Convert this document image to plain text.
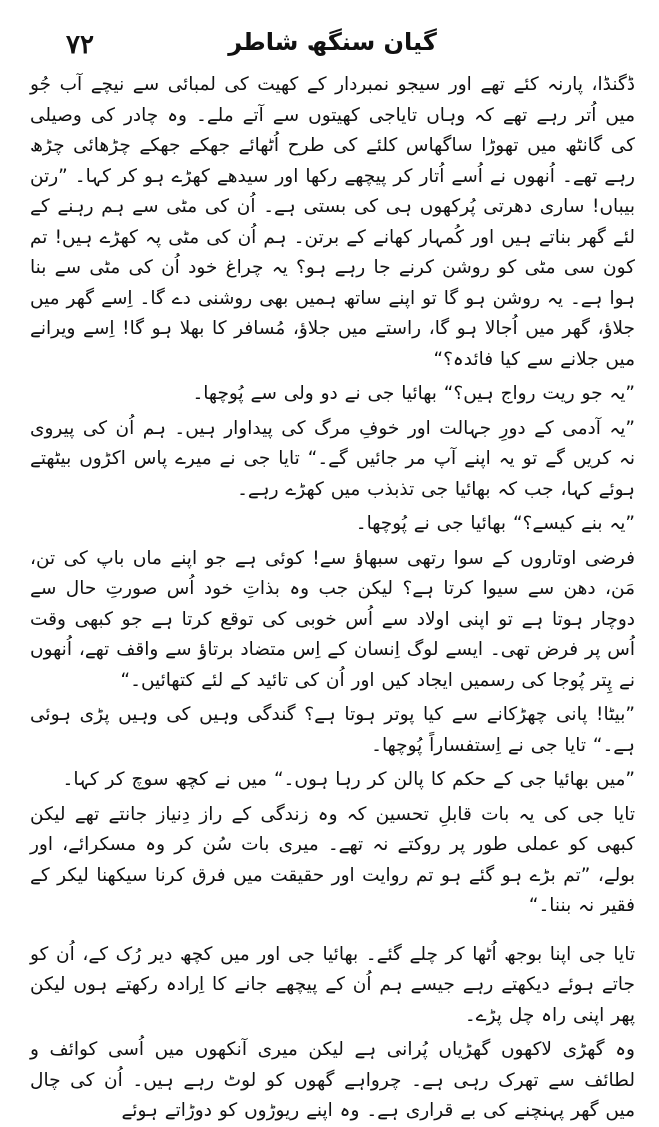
۷۲	گیان سنگھ شاطر

ڈگنڈا، پارنہ کئے تھے اور سیجو نمبردار کے کھیت کی لمبائی سے نیچے آب جُو میں اُتر رہے تھے کہ وہاں تایاجی کھیتوں سے آتے ملے۔ وہ چادر کی وصیلی کی گانٹھ میں تھوڑا ساگھاس کلئے کی طرح اُٹھائے جھکے جھکے چڑھائی چڑھ رہے تھے۔ اُنھوں نے اُسے اُتار کر پیچھے رکھا اور سیدھے کھڑے ہو کر کہا۔ ”رتن بیباں! ساری دھرتی پُرکھوں ہی کی بستی ہے۔ اُن کی مٹی سے ہم رہنے کے لئے گھر بناتے ہیں اور کُمہار کھانے کے برتن۔ ہم اُن کی مٹی پہ کھڑے ہیں! تم کون سی مٹی کو روشن کرنے جا رہے ہو؟ یہ چراغ خود اُن کی مٹی سے بنا ہوا ہے۔ یہ روشن ہو گا تو اپنے ساتھ ہمیں بھی روشنی دے گا۔ اِسے گھر میں جلاؤ، گھر میں اُجالا ہو گا، راستے میں جلاؤ، مُسافر کا بھلا ہو گا! اِسے ویرانے میں جلانے سے کیا فائدہ؟“

”یہ جو ریت رواج ہیں؟“ بھائیا جی نے دو ولی سے پُوچھا۔

”یہ آدمی کے دورِ جہالت اور خوفِ مرگ کی پیداوار ہیں۔ ہم اُن کی پیروی نہ کریں گے تو یہ اپنے آپ مر جائیں گے۔“ تایا جی نے میرے پاس اکڑوں بیٹھتے ہوئے کہا، جب کہ بھائیا جی تذبذب میں کھڑے رہے۔

”یہ بنے کیسے؟“ بھائیا جی نے پُوچھا۔

فرضی اوتاروں کے سوا رتھی سبھاؤ سے! کوئی ہے جو اپنے ماں باپ کی تن، مَن، دھن سے سیوا کرتا ہے؟ لیکن جب وہ بذاتِ خود اُس صورتِ حال سے دوچار ہوتا ہے تو اپنی اولاد سے اُس خوبی کی توقع کرتا ہے جو کبھی وقت اُس پر فرض تھی۔ ایسے لوگ اِنسان کے اِس متضاد برتاؤ سے واقف تھے، اُنھوں نے پِتر پُوجا کی رسمیں ایجاد کیں اور اُن کی تائید کے لئے کتھائیں۔“

”بیٹا! پانی چھڑکانے سے کیا پوتر ہوتا ہے؟ گندگی وہیں کی وہیں پڑی ہوئی ہے۔“ تایا جی نے اِستفساراً پُوچھا۔

”میں بھائیا جی کے حکم کا پالن کر رہا ہوں۔“ میں نے کچھ سوچ کر کہا۔

تایا جی کی یہ بات قابلِ تحسین کہ وہ زندگی کے راز دِنیاز جانتے تھے لیکن کبھی کو عملی طور پر روکتے نہ تھے۔ میری بات سُن کر وہ مسکرائے، اور بولے، ”تم بڑے ہو گئے ہو تم روایت اور حقیقت میں فرق کرنا سیکھنا لیکر کے فقیر نہ بننا۔“

تایا جی اپنا بوجھ اُٹھا کر چلے گئے۔ بھائیا جی اور میں کچھ دیر رُک کے، اُن کو جاتے ہوئے دیکھتے رہے جیسے ہم اُن کے پیچھے جانے کا اِرادہ رکھتے ہوں لیکن پھر اپنی راہ چل پڑے۔

وہ گھڑی لاکھوں گھڑیاں پُرانی ہے لیکن میری آنکھوں میں اُسی کوائف و لطائف سے تھرک رہی ہے۔ چرواہے گھوں کو لوٹ رہے ہیں۔ اُن کی چال میں گھر پہنچنے کی بے قراری ہے۔ وہ اپنے ریوڑوں کو دوڑاتے ہوئے
